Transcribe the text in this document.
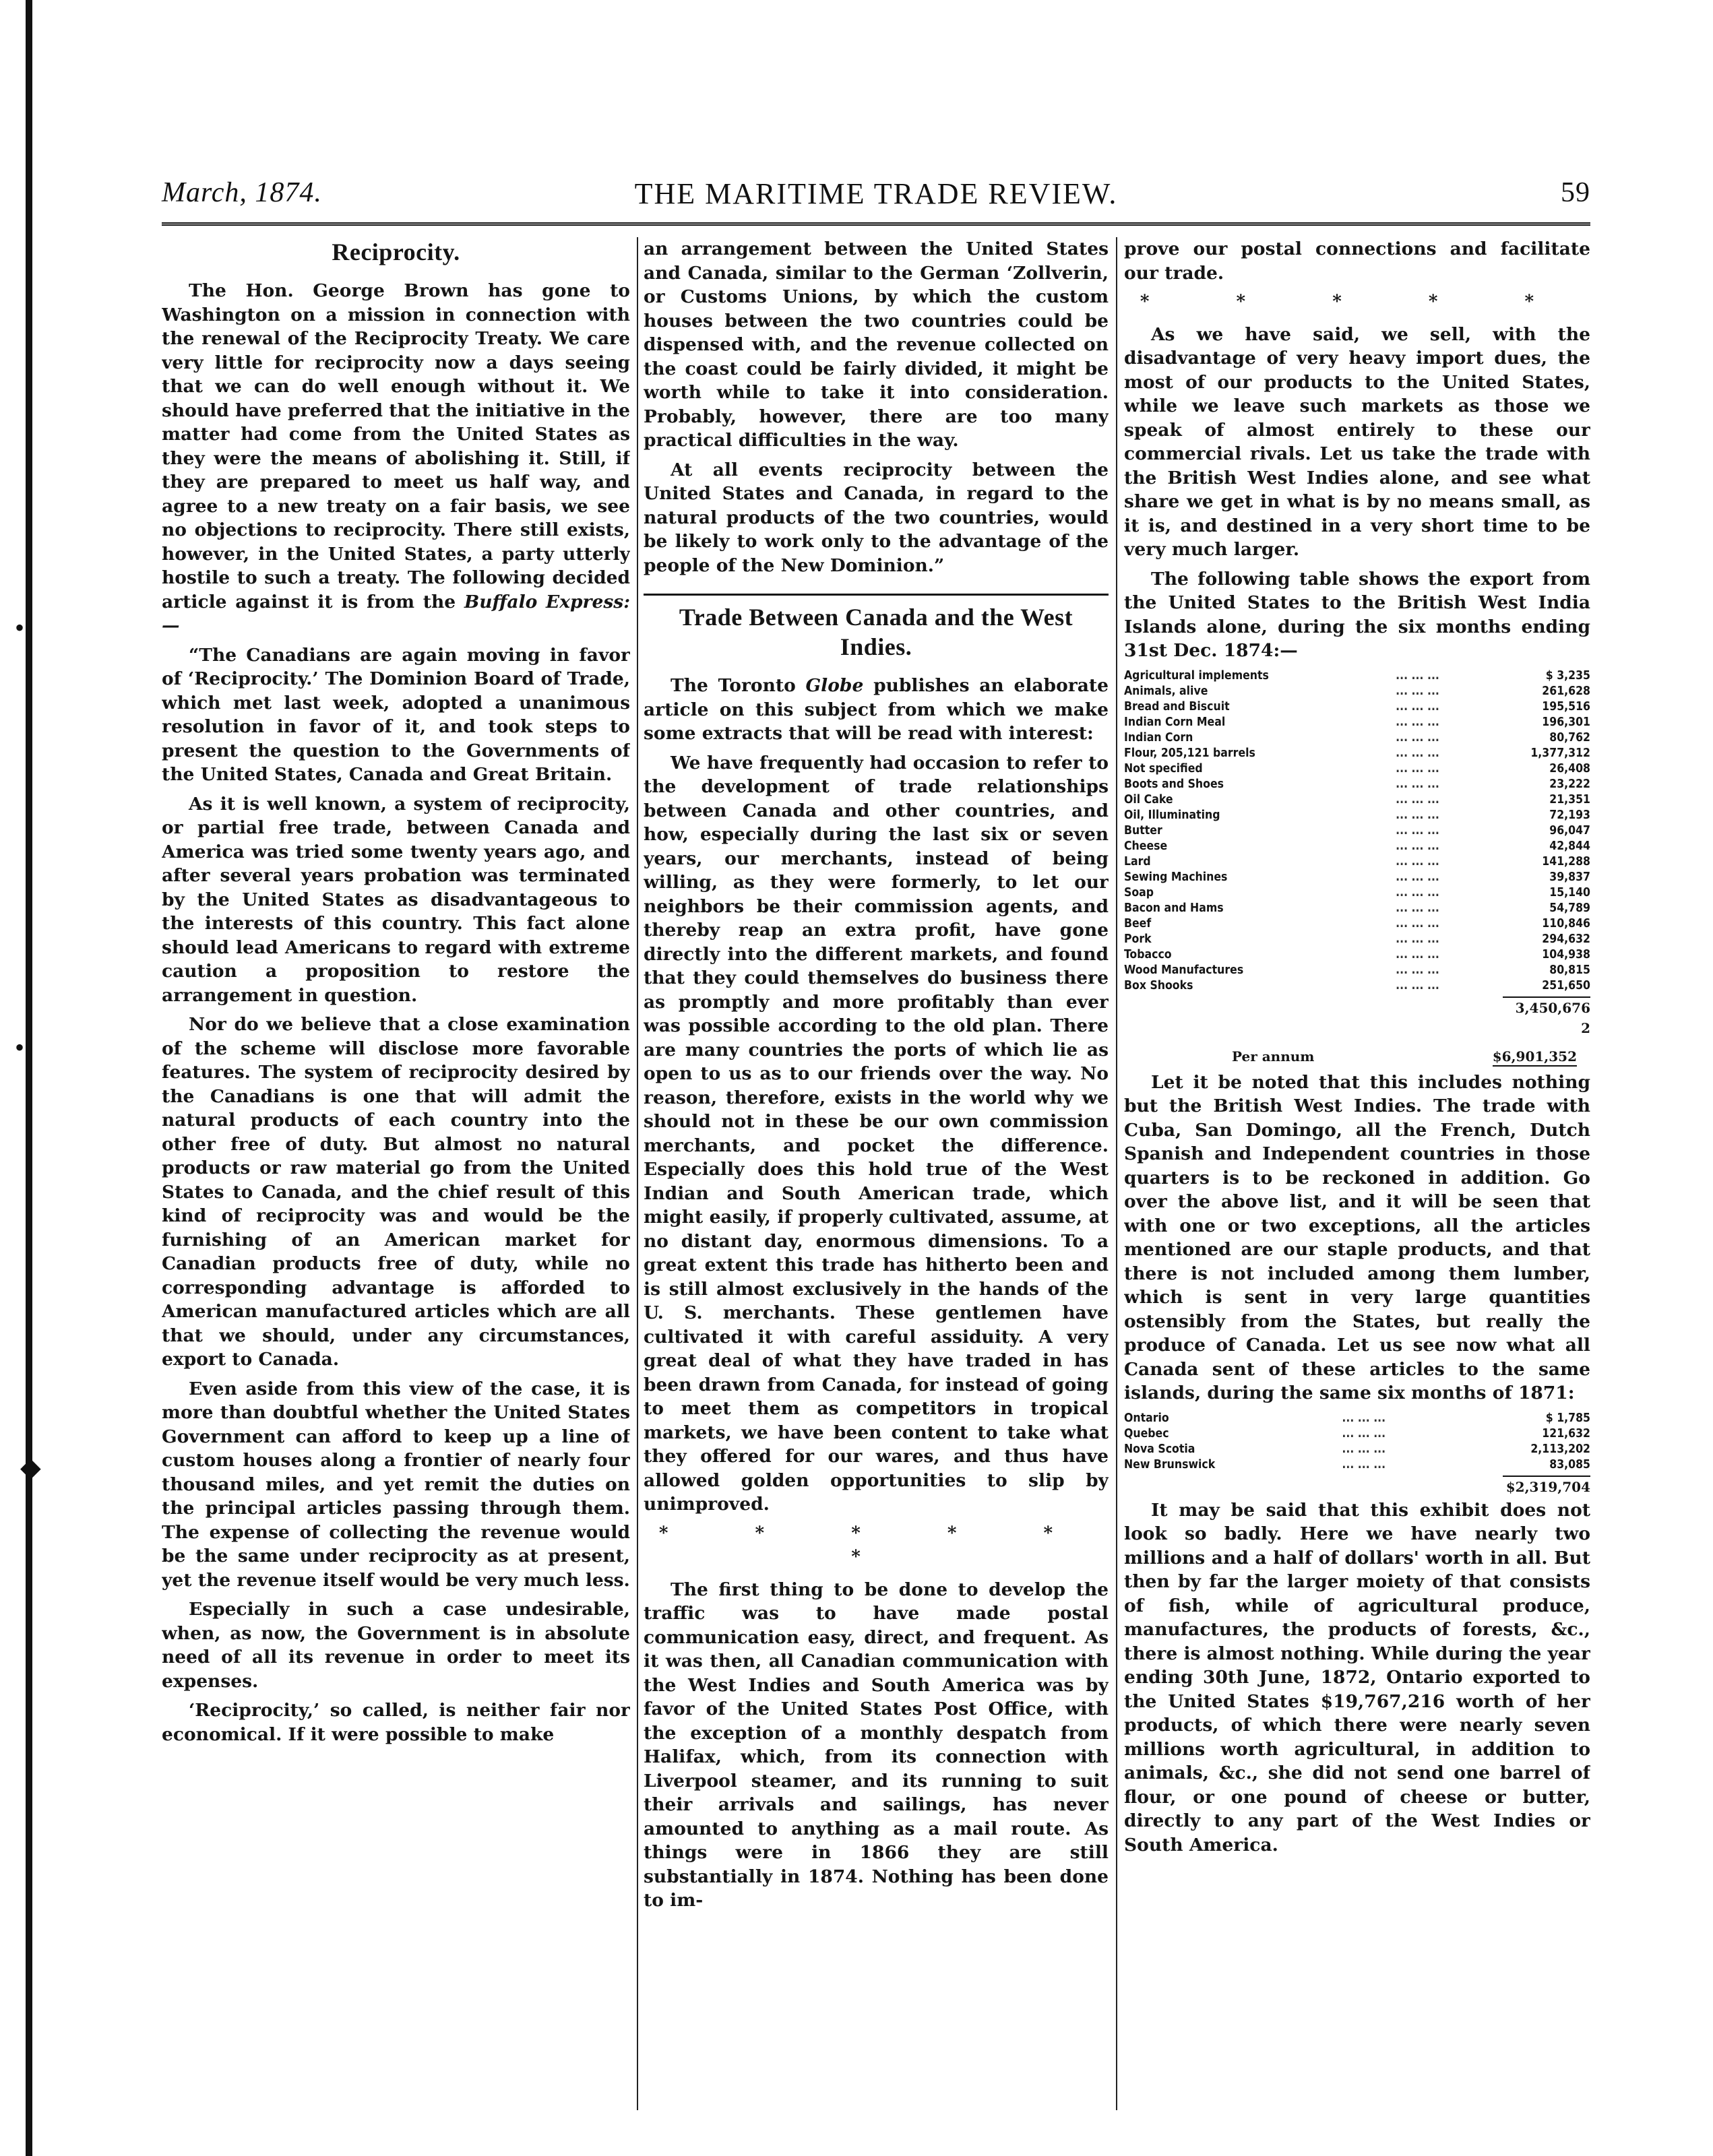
•
•
◆
THE MARITIME TRADE REVIEW.
March, 1874.	59
Reciprocity.

The Hon. George Brown has gone to Washington on a mission in connection with the renewal of the Reciprocity Treaty. We care very little for reciprocity now a days seeing that we can do well enough without it. We should have preferred that the initiative in the matter had come from the United States as they were the means of abolishing it. Still, if they are prepared to meet us half way, and agree to a new treaty on a fair basis, we see no objections to reciprocity. There still exists, however, in the United States, a party utterly hostile to such a treaty. The following decided article against it is from the Buffalo Express:—

“The Canadians are again moving in favor of ‘Reciprocity.’ The Dominion Board of Trade, which met last week, adopted a unanimous resolution in favor of it, and took steps to present the question to the Governments of the United States, Canada and Great Britain.

As it is well known, a system of reciprocity, or partial free trade, between Canada and America was tried some twenty years ago, and after several years probation was terminated by the United States as disadvantageous to the interests of this country. This fact alone should lead Americans to regard with extreme caution a proposition to restore the arrangement in question.

Nor do we believe that a close examination of the scheme will disclose more favorable features. The system of reciprocity desired by the Canadians is one that will admit the natural products of each country into the other free of duty. But almost no natural products or raw material go from the United States to Canada, and the chief result of this kind of reciprocity was and would be the furnishing of an American market for Canadian products free of duty, while no corresponding advantage is afforded to American manufactured articles which are all that we should, under any circumstances, export to Canada.

Even aside from this view of the case, it is more than doubtful whether the United States Government can afford to keep up a line of custom houses along a frontier of nearly four thousand miles, and yet remit the duties on the principal articles passing through them. The expense of collecting the revenue would be the same under reciprocity as at present, yet the revenue itself would be very much less.

Especially in such a case undesirable, when, as now, the Government is in absolute need of all its revenue in order to meet its expenses.

‘Reciprocity,’ so called, is neither fair nor economical. If it were possible to make

an arrangement between the United States and Canada, similar to the German ‘Zollverin, or Customs Unions, by which the custom houses between the two countries could be dispensed with, and the revenue collected on the coast could be fairly divided, it might be worth while to take it into consideration. Probably, however, there are too many practical difficulties in the way.

At all events reciprocity between the United States and Canada, in regard to the natural products of the two countries, would be likely to work only to the advantage of the people of the New Dominion.”

Trade Between Canada and the West Indies.

The Toronto Globe publishes an elaborate article on this subject from which we make some extracts that will be read with interest:

We have frequently had occasion to refer to the development of trade relationships between Canada and other countries, and how, especially during the last six or seven years, our merchants, instead of being willing, as they were formerly, to let our neighbors be their commission agents, and thereby reap an extra profit, have gone directly into the different markets, and found that they could themselves do business there as promptly and more profitably than ever was possible according to the old plan. There are many countries the ports of which lie as open to us as to our friends over the way. No reason, therefore, exists in the world why we should not in these be our own commission merchants, and pocket the difference. Especially does this hold true of the West Indian and South American trade, which might easily, if properly cultivated, assume, at no distant day, enormous dimensions. To a great extent this trade has hitherto been and is still almost exclusively in the hands of the U. S. merchants. These gentlemen have cultivated it with careful assiduity. A very great deal of what they have traded in has been drawn from Canada, for instead of going to meet them as competitors in tropical markets, we have been content to take what they offered for our wares, and thus have allowed golden opportunities to slip by unimproved.

* * * * * *

The first thing to be done to develop the traffic was to have made postal communication easy, direct, and frequent. As it was then, all Canadian communication with the West Indies and South America was by favor of the United States Post Office, with the exception of a monthly despatch from Halifax, which, from its connection with Liverpool steamer, and its running to suit their arrivals and sailings, has never amounted to anything as a mail route. As things were in 1866 they are still substantially in 1874. Nothing has been done to im-

prove our postal connections and facilitate our trade.

* * * * *

As we have said, we sell, with the disadvantage of very heavy import dues, the most of our products to the United States, while we leave such markets as those we speak of almost entirely to these our commercial rivals. Let us take the trade with the British West Indies alone, and see what share we get in what is by no means small, as it is, and destined in a very short time to be very much larger.

The following table shows the export from the United States to the British West India Islands alone, during the six months ending 31st Dec. 1874:—

Agricultural implements	... ... ...	$ 3,235
Animals, alive	... ... ...	261,628
Bread and Biscuit	... ... ...	195,516
Indian Corn Meal	... ... ...	196,301
Indian Corn	... ... ...	80,762
Flour, 205,121 barrels	... ... ...	1,377,312
Not specified	... ... ...	26,408
Boots and Shoes	... ... ...	23,222
Oil Cake	... ... ...	21,351
Oil, Illuminating	... ... ...	72,193
Butter	... ... ...	96,047
Cheese	... ... ...	42,844
Lard	... ... ...	141,288
Sewing Machines	... ... ...	39,837
Soap	... ... ...	15,140
Bacon and Hams	... ... ...	54,789
Beef	... ... ...	110,846
Pork	... ... ...	294,632
Tobacco	... ... ...	104,938
Wood Manufactures	... ... ...	80,815
Box Shooks	... ... ...	251,650
3,450,676
2
Per annum	$6,901,352

Let it be noted that this includes nothing but the British West Indies. The trade with Cuba, San Domingo, all the French, Dutch Spanish and Independent countries in those quarters is to be reckoned in addition. Go over the above list, and it will be seen that with one or two exceptions, all the articles mentioned are our staple products, and that there is not included among them lumber, which is sent in very large quantities ostensibly from the States, but really the produce of Canada. Let us see now what all Canada sent of these articles to the same islands, during the same six months of 1871:

Ontario	... ... ...	$ 1,785
Quebec	... ... ...	121,632
Nova Scotia	... ... ...	2,113,202
New Brunswick	... ... ...	83,085
$2,319,704

It may be said that this exhibit does not look so badly. Here we have nearly two millions and a half of dollars' worth in all. But then by far the larger moiety of that consists of fish, while of agricultural produce, manufactures, the products of forests, &c., there is almost nothing. While during the year ending 30th June, 1872, Ontario exported to the United States $19,767,216 worth of her products, of which there were nearly seven millions worth agricultural, in addition to animals, &c., she did not send one barrel of flour, or one pound of cheese or butter, directly to any part of the West Indies or South America.
